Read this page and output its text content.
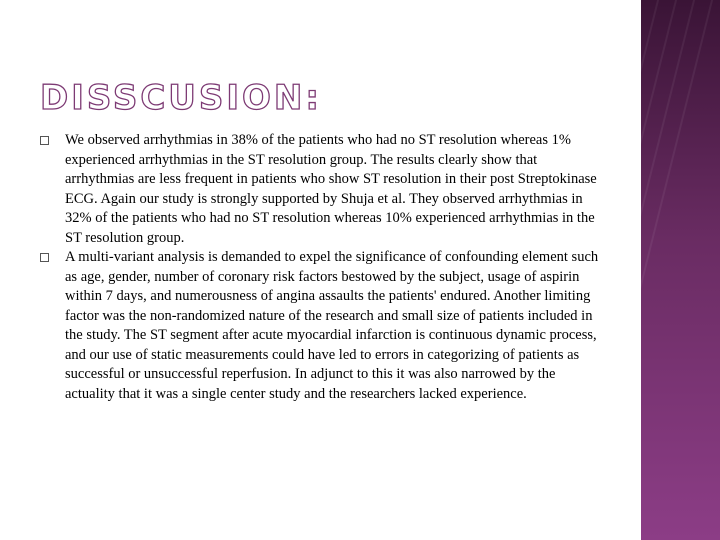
DISSCUSION:
We observed arrhythmias in 38% of the patients who had no ST resolution whereas 1% experienced arrhythmias in the ST resolution group. The results clearly show that arrhythmias are less frequent in patients who show ST resolution in their post Streptokinase ECG. Again our study is strongly supported by Shuja et al. They observed arrhythmias in 32% of the patients who had no ST resolution whereas 10% experienced arrhythmias in the ST resolution group.
A multi-variant analysis is demanded to expel the significance of confounding element such as age, gender, number of coronary risk factors bestowed by the subject, usage of aspirin within 7 days, and numerousness of angina assaults the patients' endured. Another limiting factor was the non-randomized nature of the research and small size of patients included in the study. The ST segment after acute myocardial infarction is continuous dynamic process, and our use of static measurements could have led to errors in categorizing of patients as successful or unsuccessful reperfusion. In adjunct to this it was also narrowed by the actuality that it was a single center study and the researchers lacked experience.
